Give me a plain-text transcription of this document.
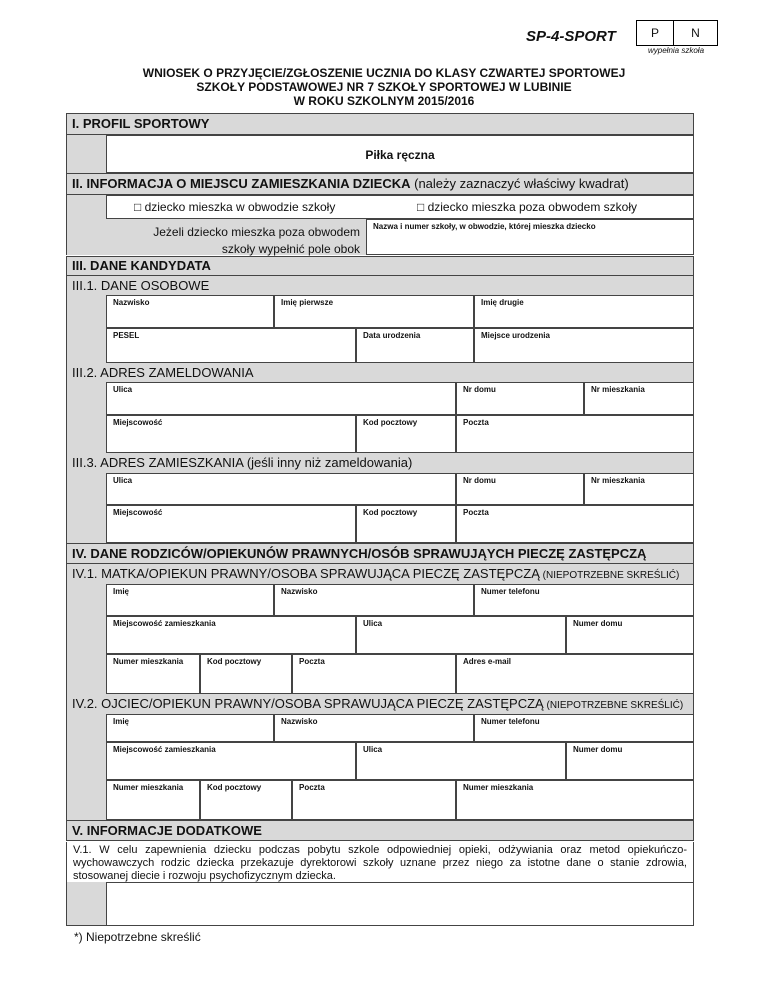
SP-4-SPORT	P	N
wypełnia szkoła
WNIOSEK O PRZYJĘCIE/ZGŁOSZENIE UCZNIA DO KLASY CZWARTEJ SPORTOWEJ
SZKOŁY PODSTAWOWEJ NR 7 SZKOŁY SPORTOWEJ W LUBINIE
W ROKU SZKOLNYM 2015/2016
I. PROFIL SPORTOWY
Piłka ręczna
II. INFORMACJA O MIEJSCU ZAMIESZKANIA DZIECKA (należy zaznaczyć właściwy kwadrat)
□ dziecko mieszka w obwodzie szkoły	□ dziecko mieszka poza obwodem szkoły
Jeżeli dziecko mieszka poza obwodem
szkoły wypełnić pole obok
Nazwa i numer szkoły, w obwodzie, której mieszka dziecko
III. DANE KANDYDATA
III.1. DANE OSOBOWE
Nazwisko	Imię pierwsze	Imię drugie
PESEL	Data urodzenia	Miejsce urodzenia
III.2. ADRES ZAMELDOWANIA
Ulica	Nr domu	Nr mieszkania
Miejscowość	Kod pocztowy	Poczta
III.3. ADRES ZAMIESZKANIA (jeśli inny niż zameldowania)
Ulica	Nr domu	Nr mieszkania
Miejscowość	Kod pocztowy	Poczta
IV. DANE RODZICÓW/OPIEKUNÓW PRAWNYCH/OSÓB SPRAWUJĄYCH PIECZĘ ZASTĘPCZĄ
IV.1. MATKA/OPIEKUN PRAWNY/OSOBA SPRAWUJĄCA PIECZĘ ZASTĘPCZĄ (NIEPOTRZEBNE SKREŚLIĆ)
Imię	Nazwisko	Numer telefonu
Miejscowość zamieszkania	Ulica	Numer domu
Numer mieszkania	Kod pocztowy	Poczta	Adres e-mail
IV.2. OJCIEC/OPIEKUN PRAWNY/OSOBA SPRAWUJĄCA PIECZĘ ZASTĘPCZĄ (NIEPOTRZEBNE SKREŚLIĆ)
Imię	Nazwisko	Numer telefonu
Miejscowość zamieszkania	Ulica	Numer domu
Numer mieszkania	Kod pocztowy	Poczta	Numer mieszkania
V. INFORMACJE DODATKOWE
V.1. W celu zapewnienia dziecku podczas pobytu szkole odpowiedniej opieki, odżywiania oraz metod opiekuńczo-wychowawczych rodzic dziecka przekazuje dyrektorowi szkoły uznane przez niego za istotne dane o stanie zdrowia, stosowanej diecie i rozwoju psychofizycznym dziecka.
*) Niepotrzebne skreślić
